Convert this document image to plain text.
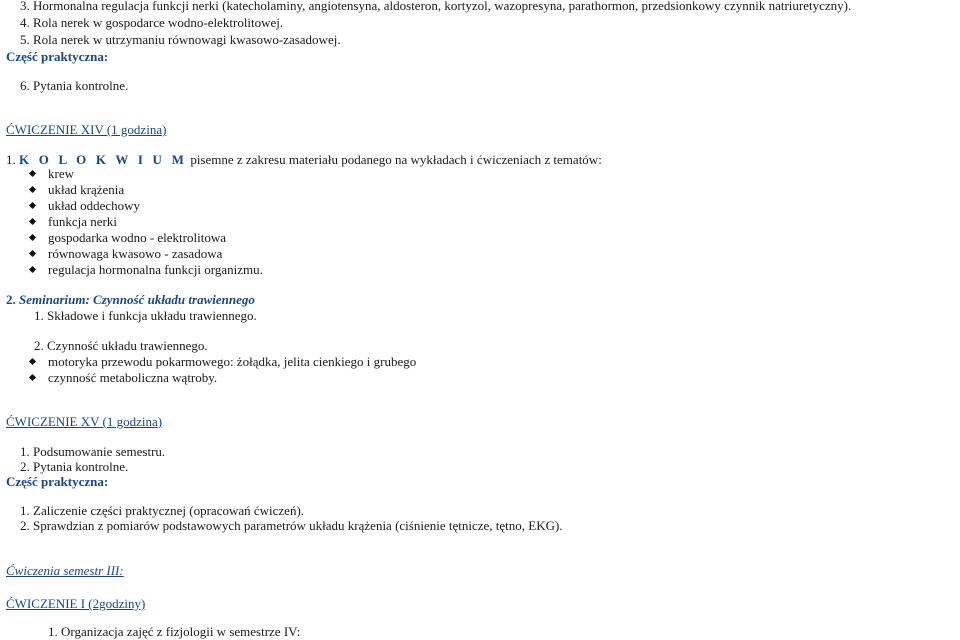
3. Hormonalna regulacja funkcji nerki (katecholaminy, angiotensyna, aldosteron, kortyzol, wazopresyna, parathormon, przedsionkowy czynnik natriuretyczny).
4. Rola nerek w gospodarce wodno-elektrolitowej.
5. Rola nerek w utrzymaniu równowagi kwasowo-zasadowej.
Część praktyczna:
6. Pytania kontrolne.
ĆWICZENIE XIV (1 godzina)
1. K O L O K W I U M pisemne z zakresu materiału podanego na wykładach i ćwiczeniach z tematów:
krew
układ krążenia
układ oddechowy
funkcja nerki
gospodarka wodno - elektrolitowa
równowaga kwasowo - zasadowa
regulacja hormonalna funkcji organizmu.
2. Seminarium: Czynność układu trawiennego
1. Składowe i funkcja układu trawiennego.
2. Czynność układu trawiennego.
motoryka przewodu pokarmowego: żołądka, jelita cienkiego i grubego
czynność metaboliczna wątroby.
ĆWICZENIE XV (1 godzina)
1. Podsumowanie semestru.
2. Pytania kontrolne.
Część praktyczna:
1. Zaliczenie części praktycznej (opracowań ćwiczeń).
2. Sprawdzian z pomiarów podstawowych parametrów układu krążenia (ciśnienie tętnicze, tętno, EKG).
Ćwiczenia semestr III:
ĆWICZENIE I (2godziny)
1. Organizacja zajęć z fizjologii w semestrze IV:
